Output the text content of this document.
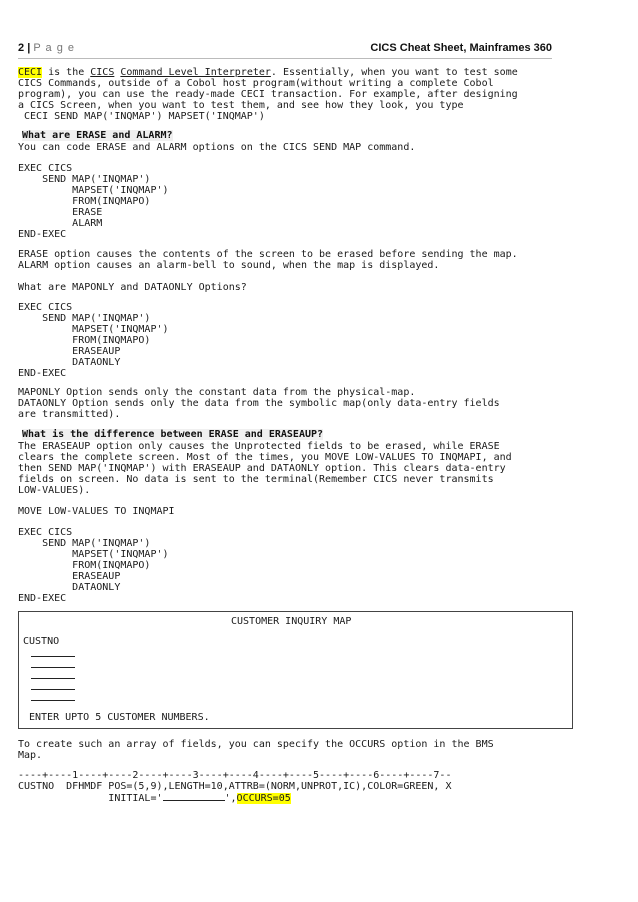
2 | P a g e	CICS Cheat Sheet, Mainframes 360
CECI is the CICS Command Level Interpreter. Essentially, when you want to test some
CICS Commands, outside of a Cobol host program(without writing a complete Cobol
program), you can use the ready-made CECI transaction. For example, after designing
a CICS Screen, when you want to test them, and see how they look, you type
CECI SEND MAP('INQMAP') MAPSET('INQMAP')
What are ERASE and ALARM?
You can code ERASE and ALARM options on the CICS SEND MAP command.
EXEC CICS
SEND MAP('INQMAP')
MAPSET('INQMAP')
FROM(INQMAPO)
ERASE
ALARM
END-EXEC
ERASE option causes the contents of the screen to be erased before sending the map.
ALARM option causes an alarm-bell to sound, when the map is displayed.
What are MAPONLY and DATAONLY Options?
EXEC CICS
SEND MAP('INQMAP')
MAPSET('INQMAP')
FROM(INQMAPO)
ERASEAUP
DATAONLY
END-EXEC
MAPONLY Option sends only the constant data from the physical-map.
DATAONLY Option sends only the data from the symbolic map(only data-entry fields
are transmitted).
What is the difference between ERASE and ERASEAUP?
The ERASEAUP option only causes the Unprotected fields to be erased, while ERASE
clears the complete screen. Most of the times, you MOVE LOW-VALUES TO INQMAPI, and
then SEND MAP('INQMAP') with ERASEAUP and DATAONLY option. This clears data-entry
fields on screen. No data is sent to the terminal(Remember CICS never transmits
LOW-VALUES).
MOVE LOW-VALUES TO INQMAPI
EXEC CICS
SEND MAP('INQMAP')
MAPSET('INQMAP')
FROM(INQMAPO)
ERASEAUP
DATAONLY
END-EXEC
CUSTOMER INQUIRY MAP
CUSTNO
ENTER UPTO 5 CUSTOMER NUMBERS.
To create such an array of fields, you can specify the OCCURS option in the BMS
Map.
----+----1----+----2----+----3----+----4----+----5----+----6----+----7--
CUSTNO  DFHMDF POS=(5,9),LENGTH=10,ATTRB=(NORM,UNPROT,IC),COLOR=GREEN, X
INITIAL='	',OCCURS=05
